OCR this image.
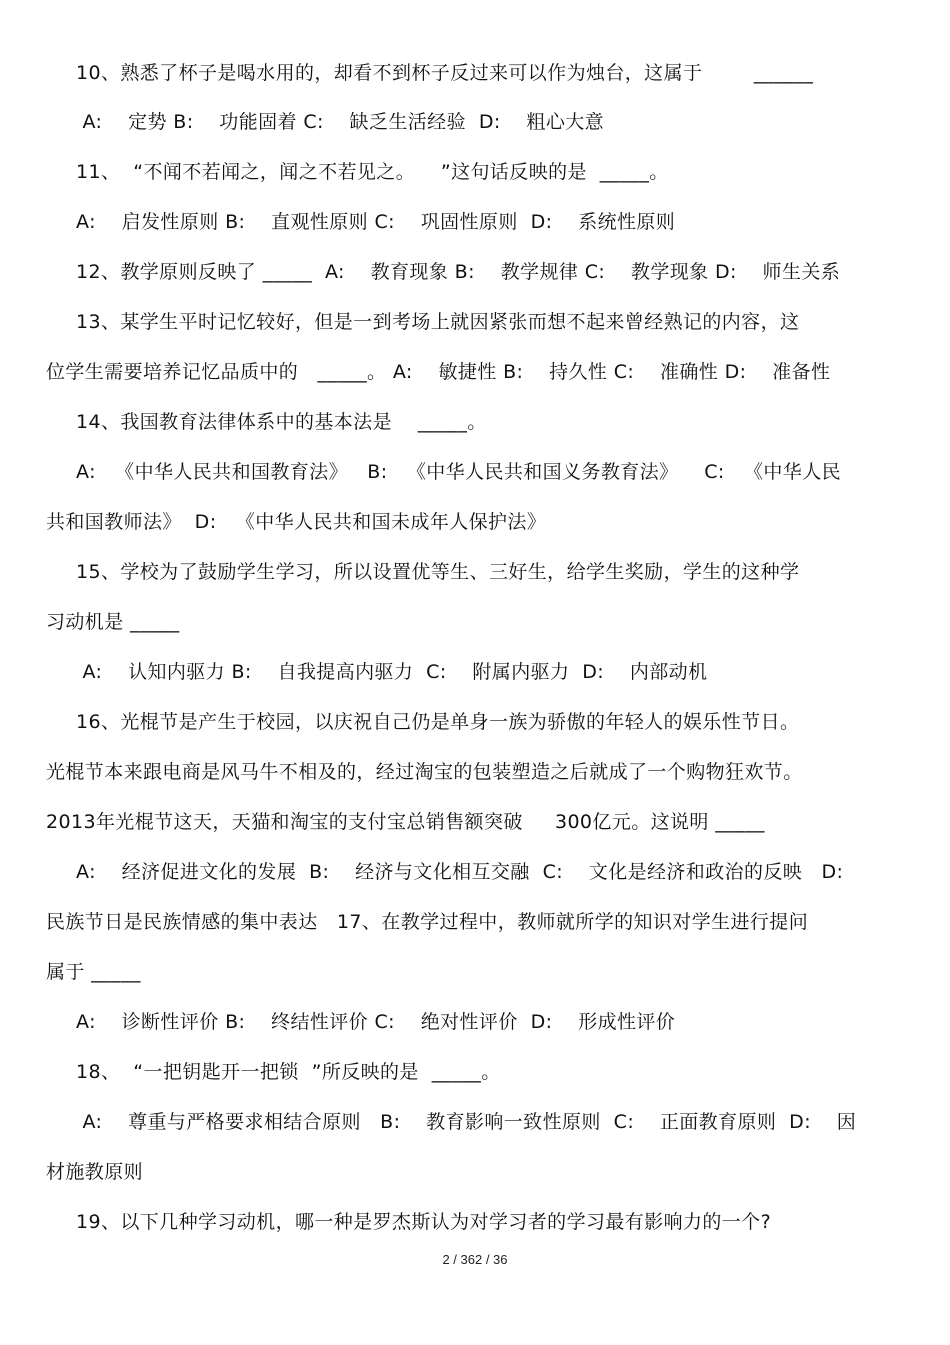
10、熟悉了杯子是喝水用的，却看不到杯子反过来可以作为烛台，这属于        ______
A:    定势 B:    功能固着 C:    缺乏生活经验  D:    粗心大意
11、  “不闻不若闻之，闻之不若见之。    ”这句话反映的是  _____。
A:    启发性原则 B:    直观性原则 C:    巩固性原则  D:    系统性原则
12、教学原则反映了 _____  A:    教育现象 B:    教学规律 C:    教学现象 D:    师生关系
13、某学生平时记忆较好，但是一到考场上就因紧张而想不起来曾经熟记的内容，这
位学生需要培养记忆品质中的   _____。 A:    敏捷性 B:    持久性 C:    准确性 D:    准备性
14、我国教育法律体系中的基本法是    _____。
A:   《中华人民共和国教育法》   B:   《中华人民共和国义务教育法》    C:   《中华人民
共和国教师法》  D:   《中华人民共和国未成年人保护法》
15、学校为了鼓励学生学习，所以设置优等生、三好生，给学生奖励，学生的这种学
习动机是 _____
A:    认知内驱力 B:    自我提高内驱力  C:    附属内驱力  D:    内部动机
16、光棍节是产生于校园，以庆祝自己仍是单身一族为骄傲的年轻人的娱乐性节日。
光棍节本来跟电商是风马牛不相及的，经过淘宝的包装塑造之后就成了一个购物狂欢节。
2013年光棍节这天，天猫和淘宝的支付宝总销售额突破     300亿元。这说明 _____
A:    经济促进文化的发展  B:    经济与文化相互交融  C:    文化是经济和政治的反映   D:
民族节日是民族情感的集中表达   17、在教学过程中，教师就所学的知识对学生进行提问
属于 _____
A:    诊断性评价 B:    终结性评价 C:    绝对性评价  D:    形成性评价
18、  “一把钥匙开一把锁  ”所反映的是  _____。
A:    尊重与严格要求相结合原则   B:    教育影响一致性原则  C:    正面教育原则  D:    因
材施教原则
19、以下几种学习动机，哪一种是罗杰斯认为对学习者的学习最有影响力的一个?
2 / 362 / 36
